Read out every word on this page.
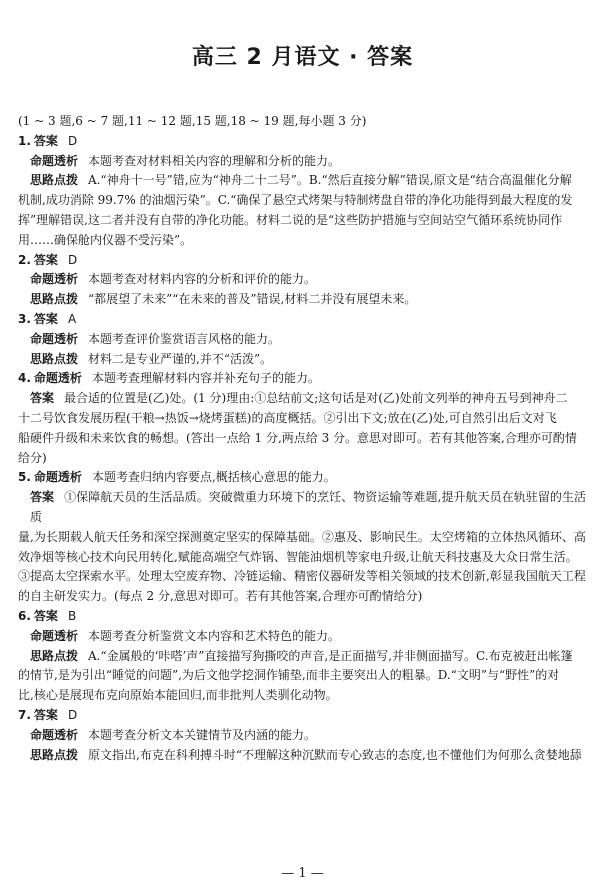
高三 2 月语文 · 答案

(1 ~ 3 题,6 ~ 7 题,11 ~ 12 题,15 题,18 ~ 19 题,每小题 3 分)

1. 答案 D

命题透析 本题考查对材料相关内容的理解和分析的能力。

思路点拨 A.“神舟十一号”错,应为“神舟二十二号”。B.“然后直接分解”错误,原文是“结合高温催化分解

机制,成功消除 99.7% 的油烟污染”。C.“确保了悬空式烤架与特制烤盘自带的净化功能得到最大程度的发

挥”理解错误,这二者并没有自带的净化功能。材料二说的是“这些防护措施与空间站空气循环系统协同作

用……确保舱内仪器不受污染”。

2. 答案 D

命题透析 本题考查对材料内容的分析和评价的能力。

思路点拨 “都展望了未来”“在未来的普及”错误,材料二并没有展望未来。

3. 答案 A

命题透析 本题考查评价鉴赏语言风格的能力。

思路点拨 材料二是专业严谨的,并不“活泼”。

4. 命题透析 本题考查理解材料内容并补充句子的能力。

答案 最合适的位置是(乙)处。(1 分)理由:①总结前文;这句话是对(乙)处前文列举的神舟五号到神舟二

十二号饮食发展历程(干粮→热饭→烧烤蛋糕)的高度概括。②引出下文;放在(乙)处,可自然引出后文对飞

船硬件升级和未来饮食的畅想。(答出一点给 1 分,两点给 3 分。意思对即可。若有其他答案,合理亦可酌情

给分)

5. 命题透析 本题考查归纳内容要点,概括核心意思的能力。

答案 ①保障航天员的生活品质。突破微重力环境下的烹饪、物资运输等难题,提升航天员在轨驻留的生活质

量,为长期载人航天任务和深空探测奠定坚实的保障基础。②惠及、影响民生。太空烤箱的立体热风循环、高

效净烟等核心技术向民用转化,赋能高端空气炸锅、智能油烟机等家电升级,让航天科技惠及大众日常生活。

③提高太空探索水平。处理太空废弃物、冷链运输、精密仪器研发等相关领域的技术创新,彰显我国航天工程

的自主研发实力。(每点 2 分,意思对即可。若有其他答案,合理亦可酌情给分)

6. 答案 B

命题透析 本题考查分析鉴赏文本内容和艺术特色的能力。

思路点拨 A.“金属般的‘咔嗒’声”直接描写狗撕咬的声音,是正面描写,并非侧面描写。C.布克被赶出帐篷

的情节,是为引出“睡觉的问题”,为后文他学挖洞作铺垫,而非主要突出人的粗暴。D.“文明”与“野性”的对

比,核心是展现布克向原始本能回归,而非批判人类驯化动物。

7. 答案 D

命题透析 本题考查分析文本关键情节及内涵的能力。

思路点拨 原文指出,布克在科利搏斗时“不理解这种沉默而专心致志的态度,也不懂他们为何那么贪婪地舔

— 1 —
